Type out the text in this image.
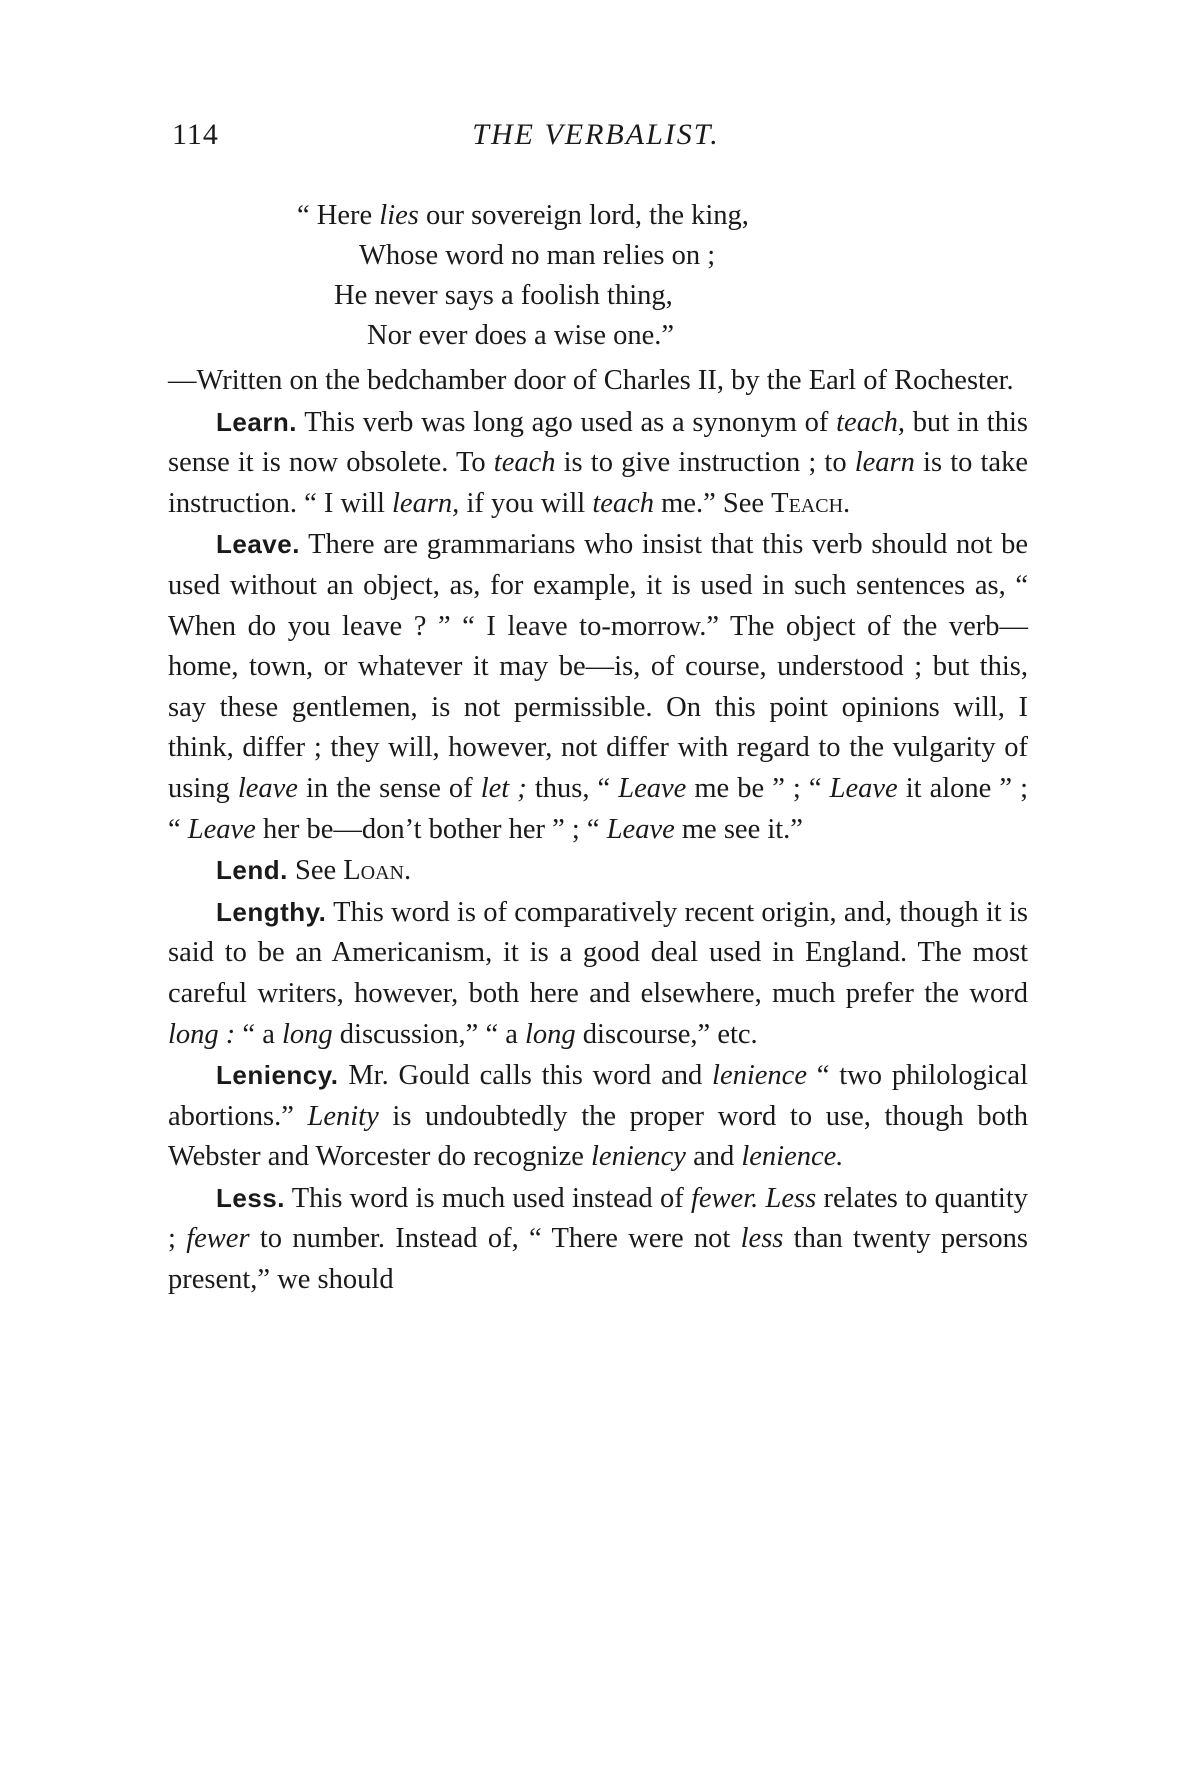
114	THE VERBALIST.
“ Here lies our sovereign lord, the king,
Whose word no man relies on ;
He never says a foolish thing,
Nor ever does a wise one.”

—Written on the bedchamber door of Charles II, by the Earl of Rochester.

Learn. This verb was long ago used as a synonym of teach, but in this sense it is now obsolete. To teach is to give instruction ; to learn is to take instruction. “ I will learn, if you will teach me.” See Teach.

Leave. There are grammarians who insist that this verb should not be used without an object, as, for example, it is used in such sentences as, “ When do you leave ? ” “ I leave to-morrow.” The object of the verb—home, town, or whatever it may be—is, of course, understood ; but this, say these gentlemen, is not permissible. On this point opinions will, I think, differ ; they will, however, not differ with regard to the vulgarity of using leave in the sense of let ; thus, “ Leave me be ” ; “ Leave it alone ” ; “ Leave her be—don’t bother her ” ; “ Leave me see it.”

Lend. See Loan.

Lengthy. This word is of comparatively recent origin, and, though it is said to be an Americanism, it is a good deal used in England. The most careful writers, however, both here and elsewhere, much prefer the word long : “ a long discussion,” “ a long discourse,” etc.

Leniency. Mr. Gould calls this word and lenience “ two philological abortions.” Lenity is undoubtedly the proper word to use, though both Webster and Worcester do recognize leniency and lenience.

Less. This word is much used instead of fewer. Less relates to quantity ; fewer to number. Instead of, “ There were not less than twenty persons present,” we should
